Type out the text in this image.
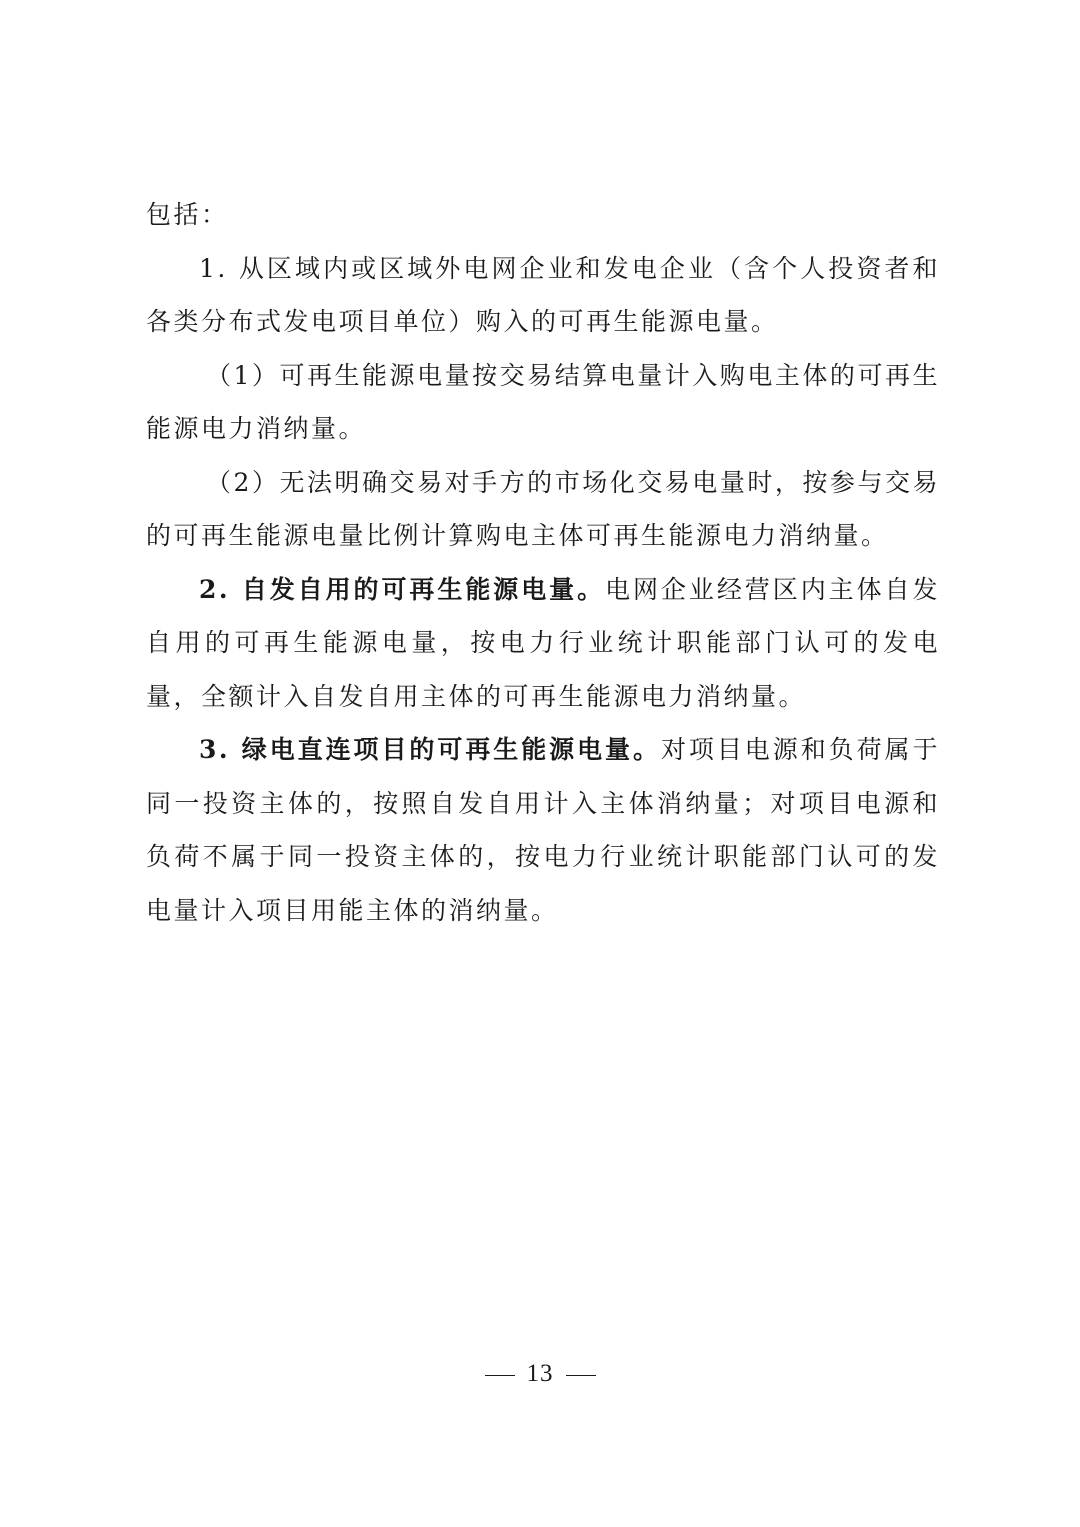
包括：

1. 从区域内或区域外电网企业和发电企业（含个人投资者和各类分布式发电项目单位）购入的可再生能源电量。

（1）可再生能源电量按交易结算电量计入购电主体的可再生能源电力消纳量。

（2）无法明确交易对手方的市场化交易电量时，按参与交易的可再生能源电量比例计算购电主体可再生能源电力消纳量。

2. 自发自用的可再生能源电量。电网企业经营区内主体自发自用的可再生能源电量，按电力行业统计职能部门认可的发电量，全额计入自发自用主体的可再生能源电力消纳量。

3. 绿电直连项目的可再生能源电量。对项目电源和负荷属于同一投资主体的，按照自发自用计入主体消纳量；对项目电源和负荷不属于同一投资主体的，按电力行业统计职能部门认可的发电量计入项目用能主体的消纳量。

13
